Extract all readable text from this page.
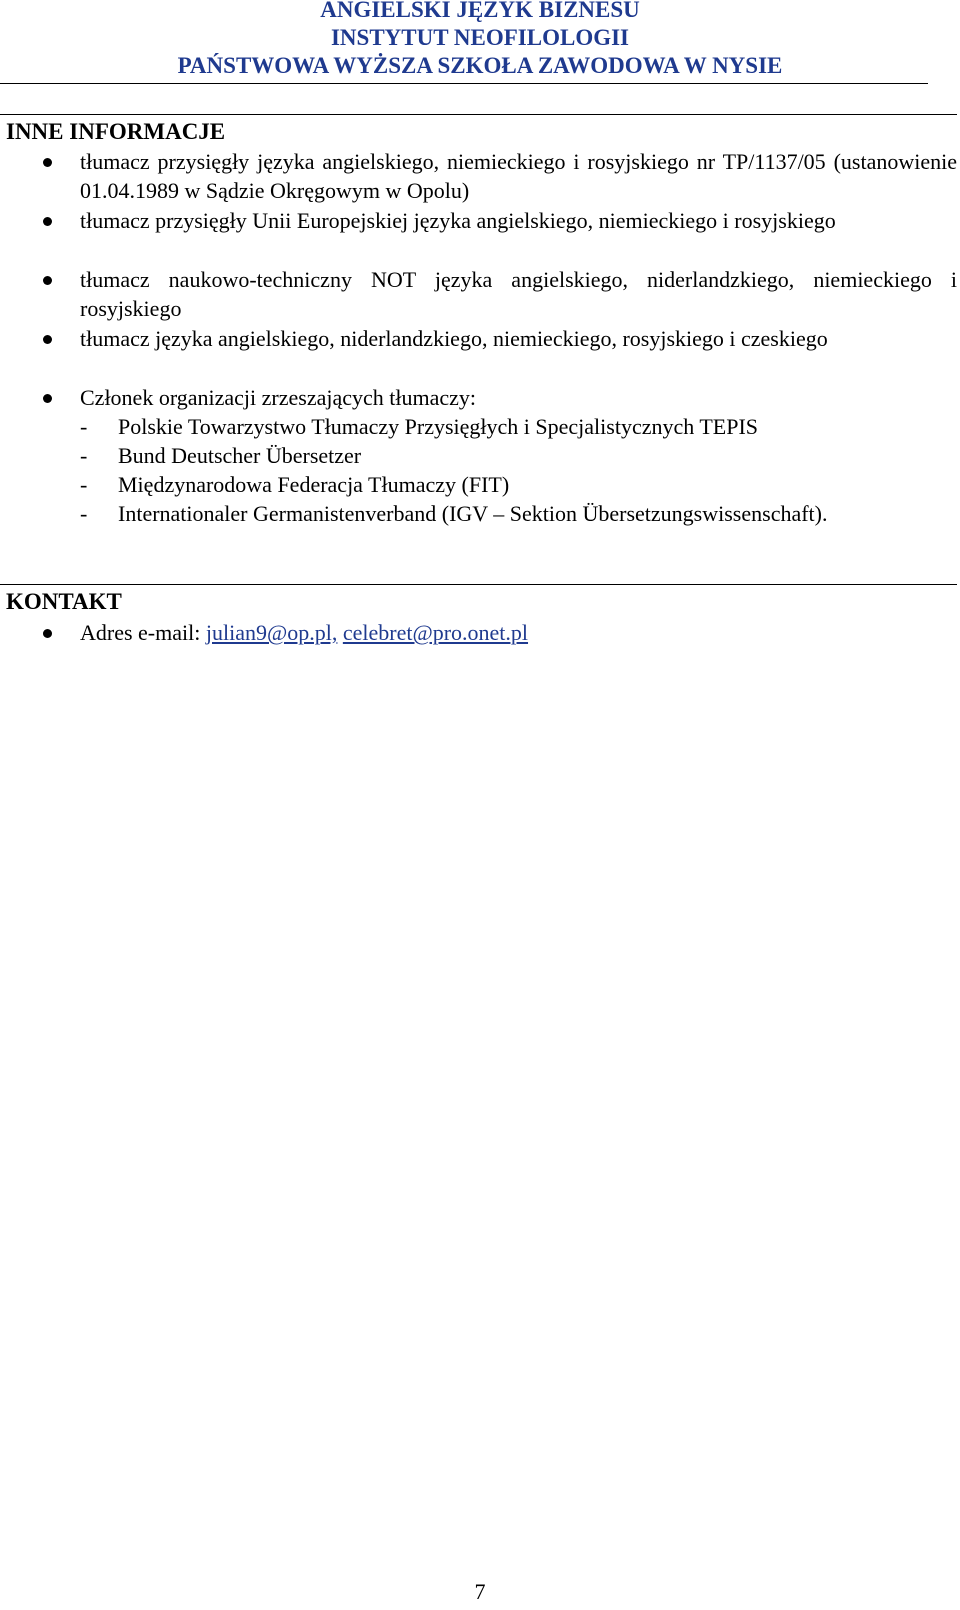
ANGIELSKI JĘZYK BIZNESU
INSTYTUT NEOFILOLOGII
PAŃSTWOWA WYŻSZA SZKOŁA ZAWODOWA W NYSIE
INNE INFORMACJE
tłumacz przysięgły języka angielskiego, niemieckiego i rosyjskiego nr TP/1137/05 (ustanowienie 01.04.1989 w Sądzie Okręgowym w Opolu)
tłumacz przysięgły Unii Europejskiej języka angielskiego, niemieckiego i rosyjskiego
tłumacz naukowo-techniczny NOT języka angielskiego, niderlandzkiego, niemieckiego i rosyjskiego
tłumacz języka angielskiego, niderlandzkiego, niemieckiego, rosyjskiego i czeskiego
Członek organizacji zrzeszających tłumaczy:
- Polskie Towarzystwo Tłumaczy Przysięgłych i Specjalistycznych TEPIS
- Bund Deutscher Übersetzer
- Międzynarodowa Federacja Tłumaczy (FIT)
- Internationaler Germanistenverband (IGV – Sektion Übersetzungswissenschaft).
KONTAKT
Adres e-mail: julian9@op.pl, celebret@pro.onet.pl
7
